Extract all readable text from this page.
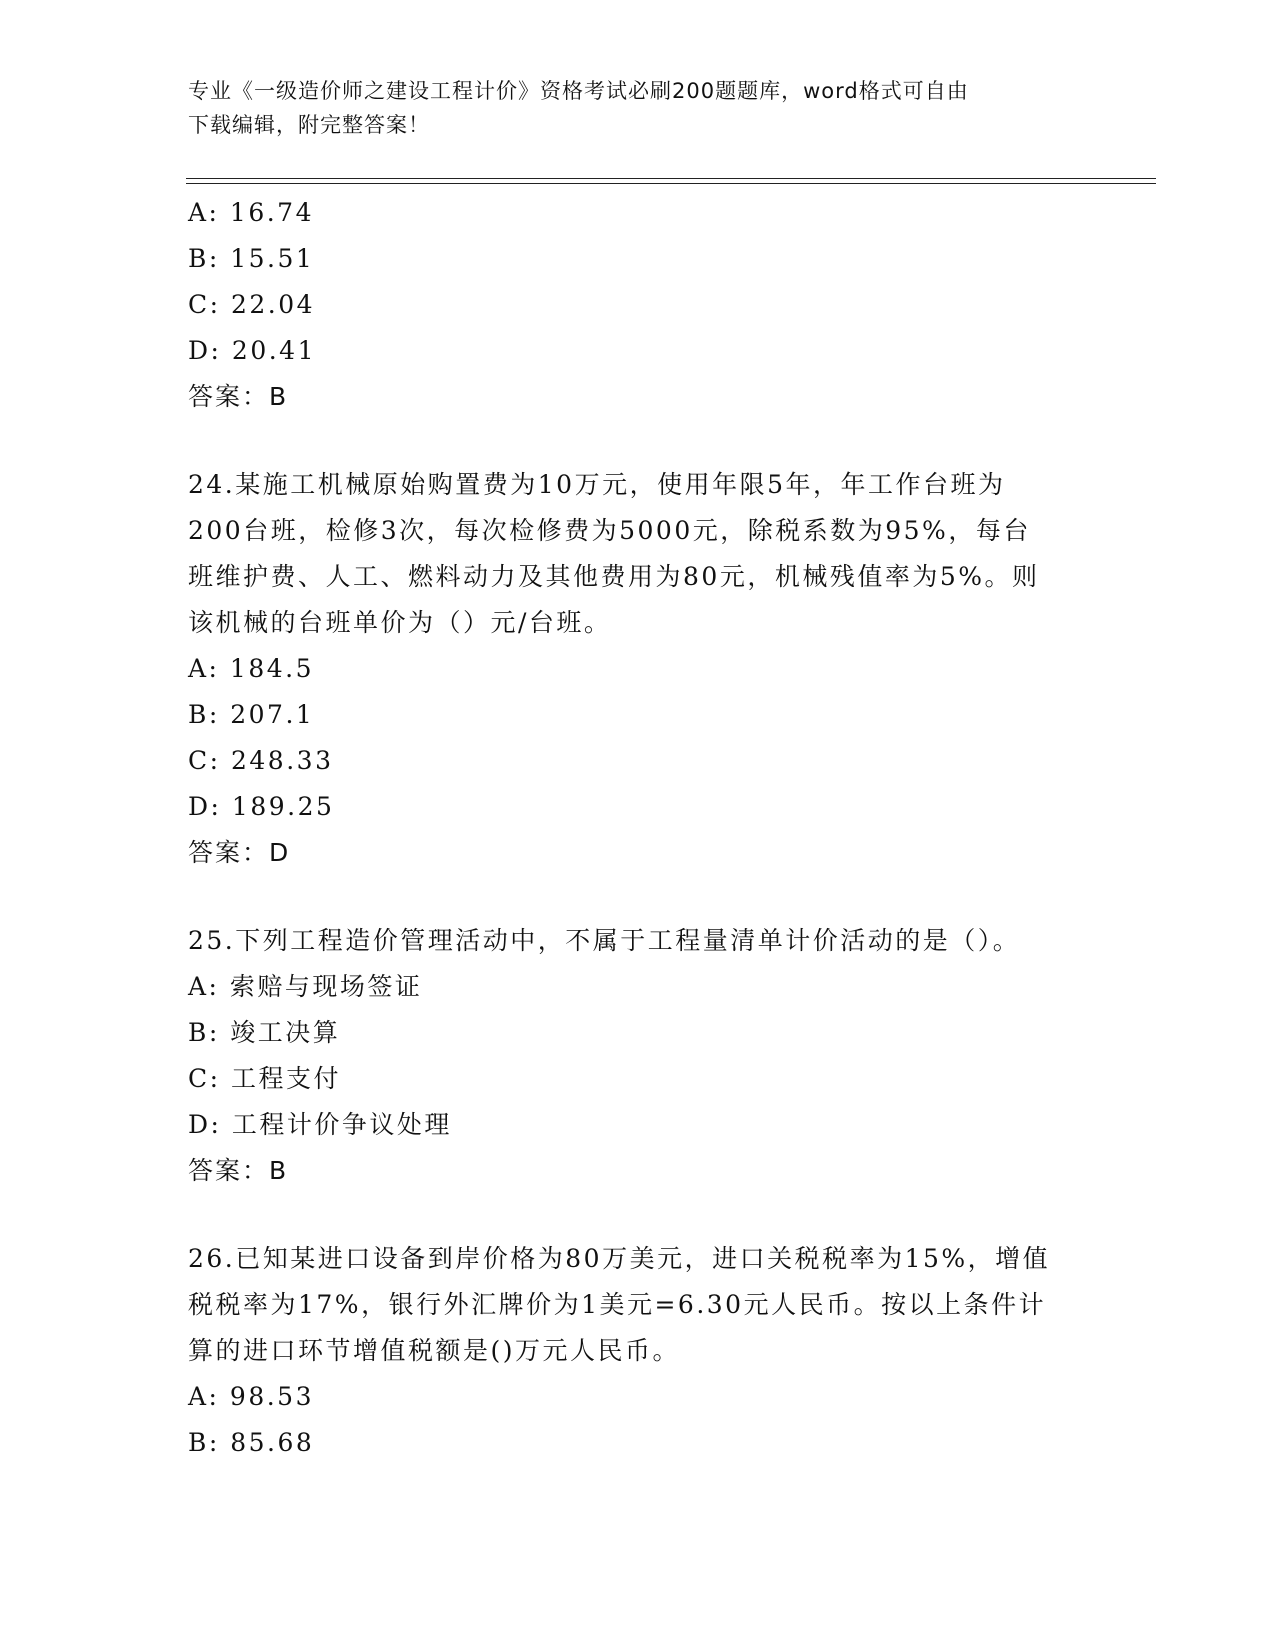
专业《一级造价师之建设工程计价》资格考试必刷200题题库，word格式可自由
下载编辑，附完整答案！
A: 16.74
B: 15.51
C: 22.04
D: 20.41
答案：B
24.某施工机械原始购置费为10万元，使用年限5年，年工作台班为
200台班，检修3次，每次检修费为5000元，除税系数为95%，每台
班维护费、人工、燃料动力及其他费用为80元，机械残值率为5%。则
该机械的台班单价为（）元/台班。
A: 184.5
B: 207.1
C: 248.33
D: 189.25
答案：D
25.下列工程造价管理活动中，不属于工程量清单计价活动的是（）。
A: 索赔与现场签证
B: 竣工决算
C: 工程支付
D: 工程计价争议处理
答案：B
26.已知某进口设备到岸价格为80万美元，进口关税税率为15%，增值
税税率为17%，银行外汇牌价为1美元=6.30元人民币。按以上条件计
算的进口环节增值税额是()万元人民币。
A: 98.53
B: 85.68
